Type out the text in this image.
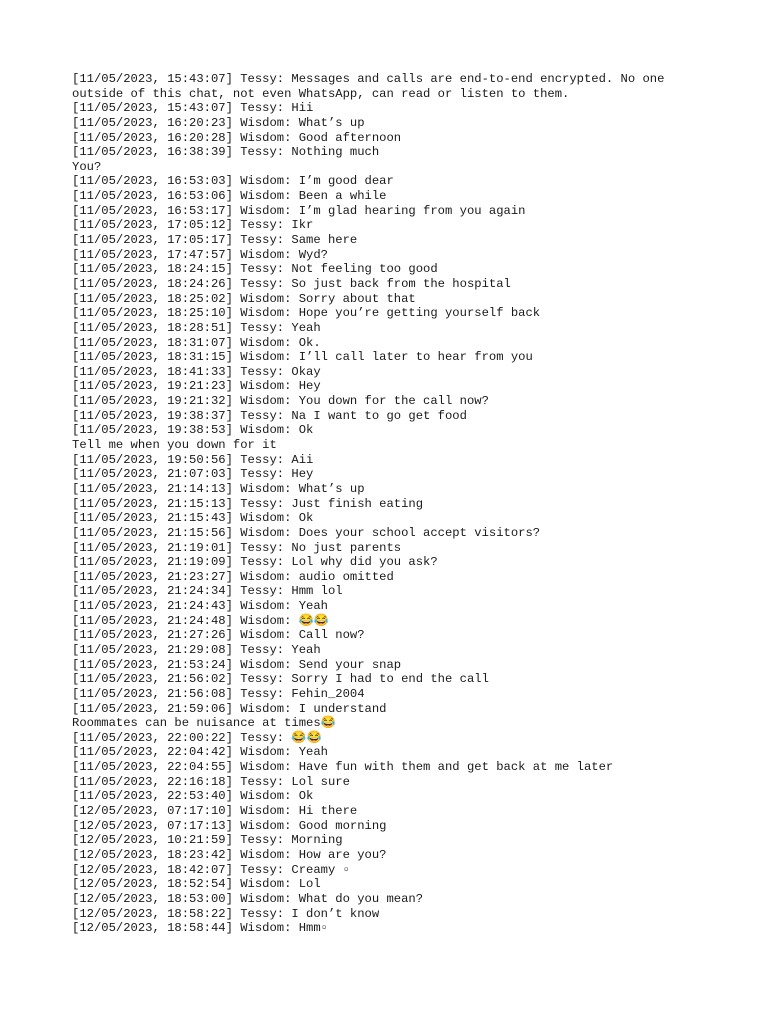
[11/05/2023, 15:43:07] Tessy: Messages and calls are end-to-end encrypted. No one
outside of this chat, not even WhatsApp, can read or listen to them.
[11/05/2023, 15:43:07] Tessy: Hii
[11/05/2023, 16:20:23] Wisdom: What’s up
[11/05/2023, 16:20:28] Wisdom: Good afternoon
[11/05/2023, 16:38:39] Tessy: Nothing much
You?
[11/05/2023, 16:53:03] Wisdom: I’m good dear
[11/05/2023, 16:53:06] Wisdom: Been a while
[11/05/2023, 16:53:17] Wisdom: I’m glad hearing from you again
[11/05/2023, 17:05:12] Tessy: Ikr
[11/05/2023, 17:05:17] Tessy: Same here
[11/05/2023, 17:47:57] Wisdom: Wyd?
[11/05/2023, 18:24:15] Tessy: Not feeling too good
[11/05/2023, 18:24:26] Tessy: So just back from the hospital
[11/05/2023, 18:25:02] Wisdom: Sorry about that
[11/05/2023, 18:25:10] Wisdom: Hope you’re getting yourself back
[11/05/2023, 18:28:51] Tessy: Yeah
[11/05/2023, 18:31:07] Wisdom: Ok.
[11/05/2023, 18:31:15] Wisdom: I’ll call later to hear from you
[11/05/2023, 18:41:33] Tessy: Okay
[11/05/2023, 19:21:23] Wisdom: Hey
[11/05/2023, 19:21:32] Wisdom: You down for the call now?
[11/05/2023, 19:38:37] Tessy: Na I want to go get food
[11/05/2023, 19:38:53] Wisdom: Ok
Tell me when you down for it
[11/05/2023, 19:50:56] Tessy: Aii
[11/05/2023, 21:07:03] Tessy: Hey
[11/05/2023, 21:14:13] Wisdom: What’s up
[11/05/2023, 21:15:13] Tessy: Just finish eating
[11/05/2023, 21:15:43] Wisdom: Ok
[11/05/2023, 21:15:56] Wisdom: Does your school accept visitors?
[11/05/2023, 21:19:01] Tessy: No just parents
[11/05/2023, 21:19:09] Tessy: Lol why did you ask?
[11/05/2023, 21:23:27] Wisdom: audio omitted
[11/05/2023, 21:24:34] Tessy: Hmm lol
[11/05/2023, 21:24:43] Wisdom: Yeah
[11/05/2023, 21:24:48] Wisdom: 😂😂
[11/05/2023, 21:27:26] Wisdom: Call now?
[11/05/2023, 21:29:08] Tessy: Yeah
[11/05/2023, 21:53:24] Wisdom: Send your snap
[11/05/2023, 21:56:02] Tessy: Sorry I had to end the call
[11/05/2023, 21:56:08] Tessy: Fehin_2004
[11/05/2023, 21:59:06] Wisdom: I understand
Roommates can be nuisance at times😂
[11/05/2023, 22:00:22] Tessy: 😂😂
[11/05/2023, 22:04:42] Wisdom: Yeah
[11/05/2023, 22:04:55] Wisdom: Have fun with them and get back at me later
[11/05/2023, 22:16:18] Tessy: Lol sure
[11/05/2023, 22:53:40] Wisdom: Ok
[12/05/2023, 07:17:10] Wisdom: Hi there
[12/05/2023, 07:17:13] Wisdom: Good morning
[12/05/2023, 10:21:59] Tessy: Morning
[12/05/2023, 18:23:42] Wisdom: How are you?
[12/05/2023, 18:42:07] Tessy: Creamy ▫
[12/05/2023, 18:52:54] Wisdom: Lol
[12/05/2023, 18:53:00] Wisdom: What do you mean?
[12/05/2023, 18:58:22] Tessy: I don’t know
[12/05/2023, 18:58:44] Wisdom: Hmm▫
